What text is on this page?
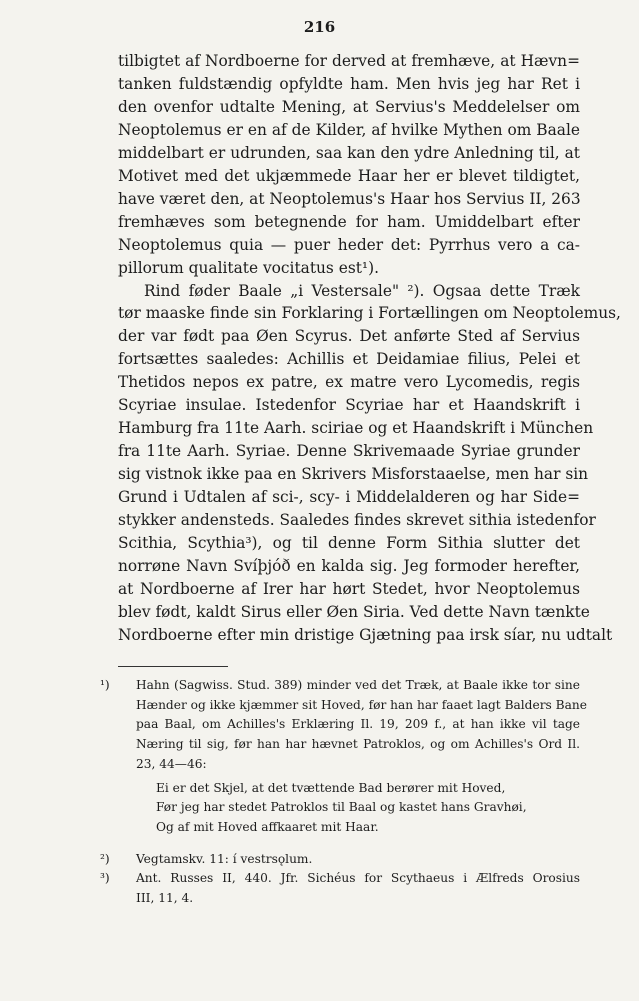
216
tilbigtet af Nordboerne for derved at fremhæve, at Hævn=
tanken fuldstændig opfyldte ham. Men hvis jeg har Ret i
den ovenfor udtalte Mening, at Servius's Meddelelser om
Neoptolemus er en af de Kilder, af hvilke Mythen om Baale
middelbart er udrunden, saa kan den ydre Anledning til, at
Motivet med det ukjæmmede Haar her er blevet tildigtet,
have været den, at Neoptolemus's Haar hos Servius II, 263
fremhæves som betegnende for ham. Umiddelbart efter
Neoptolemus quia — puer heder det: Pyrrhus vero a ca-
pillorum qualitate vocitatus est¹).
Rind føder Baale „i Vestersale" ²). Ogsaa dette Træk
tør maaske finde sin Forklaring i Fortællingen om Neoptolemus,
der var født paa Øen Scyrus. Det anførte Sted af Servius
fortsættes saaledes: Achillis et Deidamiae filius, Pelei et
Thetidos nepos ex patre, ex matre vero Lycomedis, regis
Scyriae insulae. Istedenfor Scyriae har et Haandskrift i
Hamburg fra 11te Aarh. sciriae og et Haandskrift i München
fra 11te Aarh. Syriae. Denne Skrivemaade Syriae grunder
sig vistnok ikke paa en Skrivers Misforstaaelse, men har sin
Grund i Udtalen af sci-, scy- i Middelalderen og har Side=
stykker andensteds. Saaledes findes skrevet sithia istedenfor
Scithia, Scythia³), og til denne Form Sithia slutter det
norrøne Navn Svíþjóð en kalda sig. Jeg formoder herefter,
at Nordboerne af Irer har hørt Stedet, hvor Neoptolemus
blev født, kaldt Sirus eller Øen Siria. Ved dette Navn tænkte
Nordboerne efter min dristige Gjætning paa irsk síar, nu udtalt
¹) Hahn (Sagwiss. Stud. 389) minder ved det Træk, at Baale ikke tor sine
Hænder og ikke kjæmmer sit Hoved, før han har faaet lagt Balders Bane
paa Baal, om Achilles's Erklæring Il. 19, 209 f., at han ikke vil tage
Næring til sig, før han har hævnet Patroklos, og om Achilles's Ord Il.
23, 44—46:
Ei er det Skjel, at det tvættende Bad berører mit Hoved,
Før jeg har stedet Patroklos til Baal og kastet hans Gravhøi,
Og af mit Hoved affkaaret mit Haar.
²) Vegtamskv. 11: í vestrsǫlum.
³) Ant. Russes II, 440. Jfr. Sichéus for Scythaeus i Ælfreds Orosius
III, 11, 4.
